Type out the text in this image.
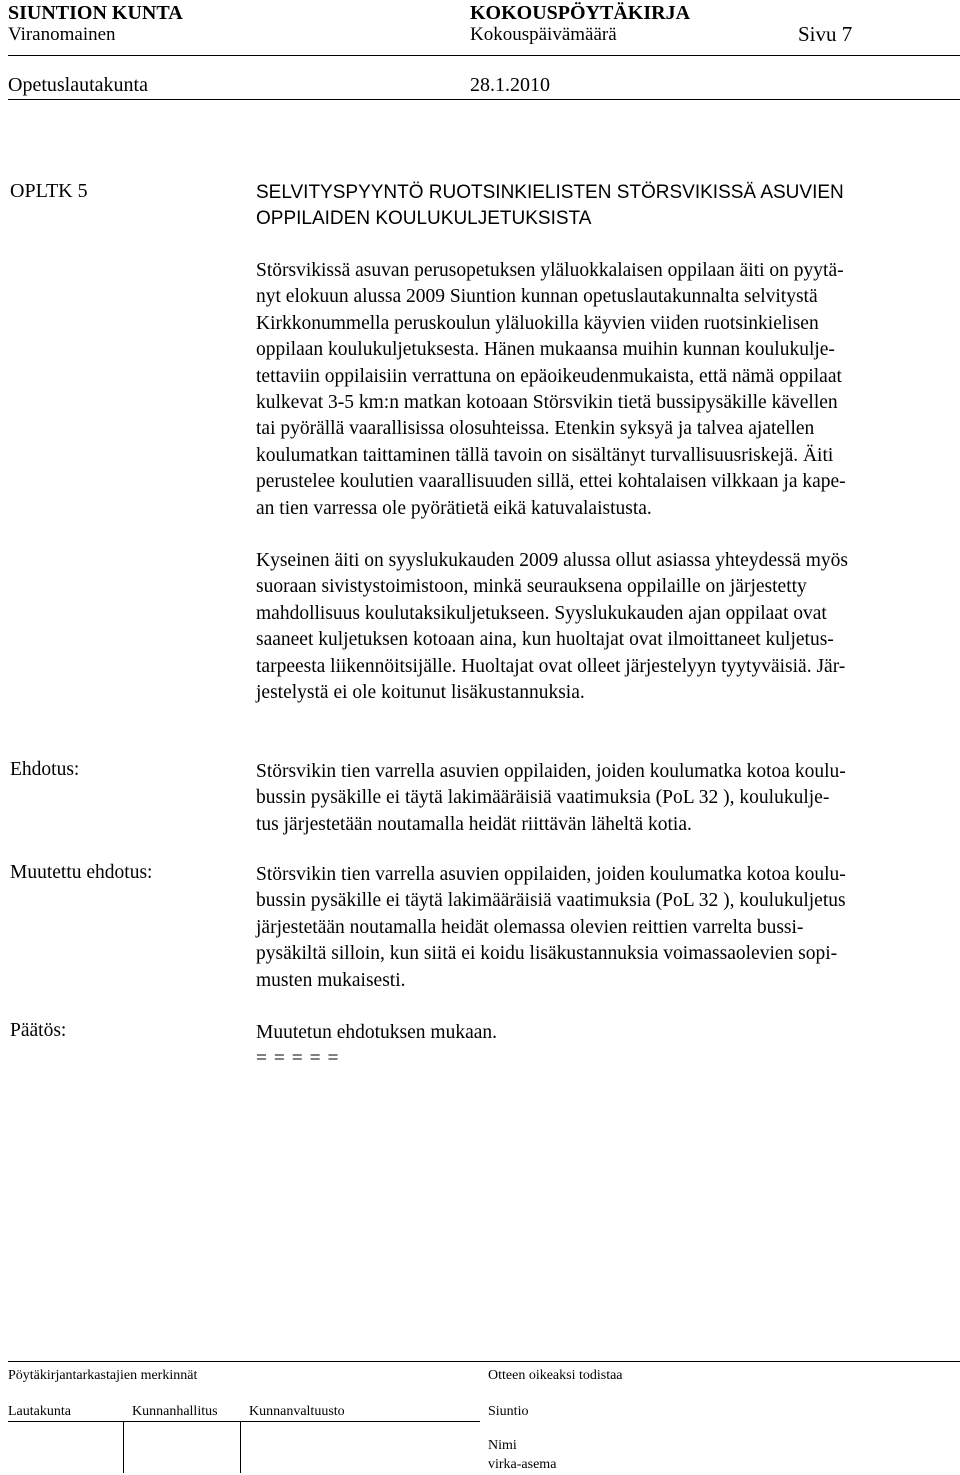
SIUNTION KUNTA	KOKOUSPÖYTÄKIRJA
Viranomainen	Kokouspäivämäärä	Sivu 7
Opetuslautakunta	28.1.2010
OPLTK 5	SELVITYSPYYNTÖ RUOTSINKIELISTEN STÖRSVIKISSÄ ASUVIEN
OPPILAIDEN KOULUKULJETUKSISTA
Störsvikissä asuvan perusopetuksen yläluokkalaisen oppilaan äiti on pyytä-
nyt elokuun alussa 2009 Siuntion kunnan opetuslautakunnalta selvitystä
Kirkkonummella peruskoulun yläluokilla käyvien viiden ruotsinkielisen
oppilaan koulukuljetuksesta. Hänen mukaansa muihin kunnan koulukulje-
tettaviin oppilaisiin verrattuna on epäoikeudenmukaista, että nämä oppilaat
kulkevat 3-5 km:n matkan kotoaan Störsvikin tietä bussipysäkille kävellen
tai pyörällä vaarallisissa olosuhteissa. Etenkin syksyä ja talvea ajatellen
koulumatkan taittaminen tällä tavoin on sisältänyt turvallisuusriskejä. Äiti
perustelee koulutien vaarallisuuden sillä, ettei kohtalaisen vilkkaan ja kape-
an tien varressa ole pyörätietä eikä katuvalaistusta.
Kyseinen äiti on syyslukukauden 2009 alussa ollut asiassa yhteydessä myös
suoraan sivistystoimistoon, minkä seurauksena oppilaille on järjestetty
mahdollisuus koulutaksikuljetukseen. Syyslukukauden ajan oppilaat ovat
saaneet kuljetuksen kotoaan aina, kun huoltajat ovat ilmoittaneet kuljetus-
tarpeesta liikennöitsijälle. Huoltajat ovat olleet järjestelyyn tyytyväisiä. Jär-
jestelystä ei ole koitunut lisäkustannuksia.
Ehdotus:	Störsvikin tien varrella asuvien oppilaiden, joiden koulumatka kotoa koulu-
bussin pysäkille ei täytä lakimääräisiä vaatimuksia (PoL 32 ), koulukulje-
tus järjestetään noutamalla heidät riittävän läheltä kotia.
Muutettu ehdotus:	Störsvikin tien varrella asuvien oppilaiden, joiden koulumatka kotoa koulu-
bussin pysäkille ei täytä lakimääräisiä vaatimuksia (PoL 32 ), koulukuljetus
järjestetään noutamalla heidät olemassa olevien reittien varrelta bussi-
pysäkiltä silloin, kun siitä ei koidu lisäkustannuksia voimassaolevien sopi-
musten mukaisesti.
Päätös:	Muutetun ehdotuksen mukaan.
= = = = =
Pöytäkirjantarkastajien merkinnät	Otteen oikeaksi todistaa
Lautakunta	Kunnanhallitus Kunnanvaltuusto	Siuntio
Nimi
virka-asema
